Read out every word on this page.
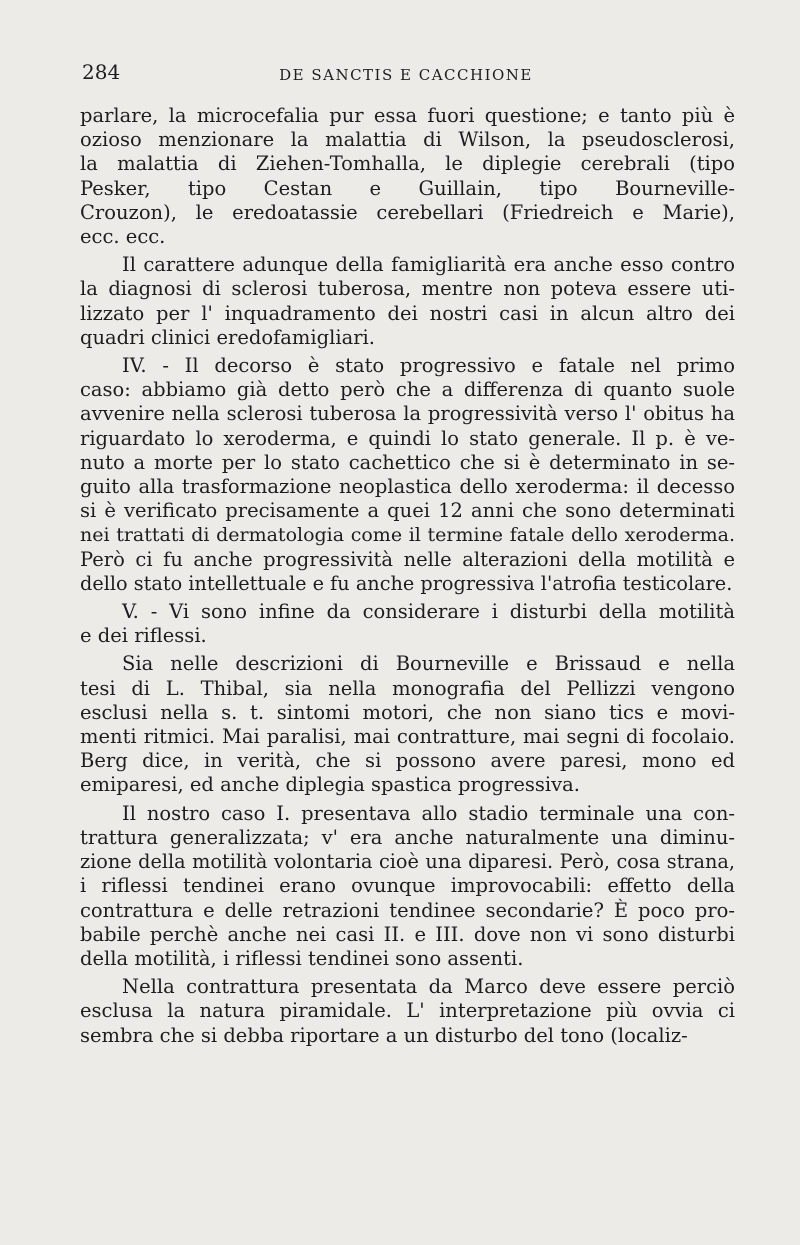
284	DE SANCTIS E CACCHIONE

parlare, la microcefalia pur essa fuori questione; e tanto più è
ozioso menzionare la malattia di Wilson, la pseudosclerosi,
la malattia di Ziehen-Tomhalla, le diplegie cerebrali (tipo
Pesker, tipo Cestan e Guillain, tipo Bourneville-
Crouzon), le eredoatassie cerebellari (Friedreich e Marie),
ecc. ecc.

Il carattere adunque della famigliarità era anche esso contro
la diagnosi di sclerosi tuberosa, mentre non poteva essere uti-
lizzato per l' inquadramento dei nostri casi in alcun altro dei
quadri clinici eredofamigliari.

IV. - Il decorso è stato progressivo e fatale nel primo
caso: abbiamo già detto però che a differenza di quanto suole
avvenire nella sclerosi tuberosa la progressività verso l' obitus ha
riguardato lo xeroderma, e quindi lo stato generale. Il p. è ve-
nuto a morte per lo stato cachettico che si è determinato in se-
guito alla trasformazione neoplastica dello xeroderma: il decesso
si è verificato precisamente a quei 12 anni che sono determinati
nei trattati di dermatologia come il termine fatale dello xeroderma.
Però ci fu anche progressività nelle alterazioni della motilità e
dello stato intellettuale e fu anche progressiva l'atrofia testicolare.

V. - Vi sono infine da considerare i disturbi della motilità
e dei riflessi.

Sia nelle descrizioni di Bourneville e Brissaud e nella
tesi di L. Thibal, sia nella monografia del Pellizzi vengono
esclusi nella s. t. sintomi motori, che non siano tics e movi-
menti ritmici. Mai paralisi, mai contratture, mai segni di focolaio.
Berg dice, in verità, che si possono avere paresi, mono ed
emiparesi, ed anche diplegia spastica progressiva.

Il nostro caso I. presentava allo stadio terminale una con-
trattura generalizzata; v' era anche naturalmente una diminu-
zione della motilità volontaria cioè una diparesi. Però, cosa strana,
i riflessi tendinei erano ovunque improvocabili: effetto della
contrattura e delle retrazioni tendinee secondarie? È poco pro-
babile perchè anche nei casi II. e III. dove non vi sono disturbi
della motilità, i riflessi tendinei sono assenti.

Nella contrattura presentata da Marco deve essere perciò
esclusa la natura piramidale. L' interpretazione più ovvia ci
sembra che si debba riportare a un disturbo del tono (localiz-
